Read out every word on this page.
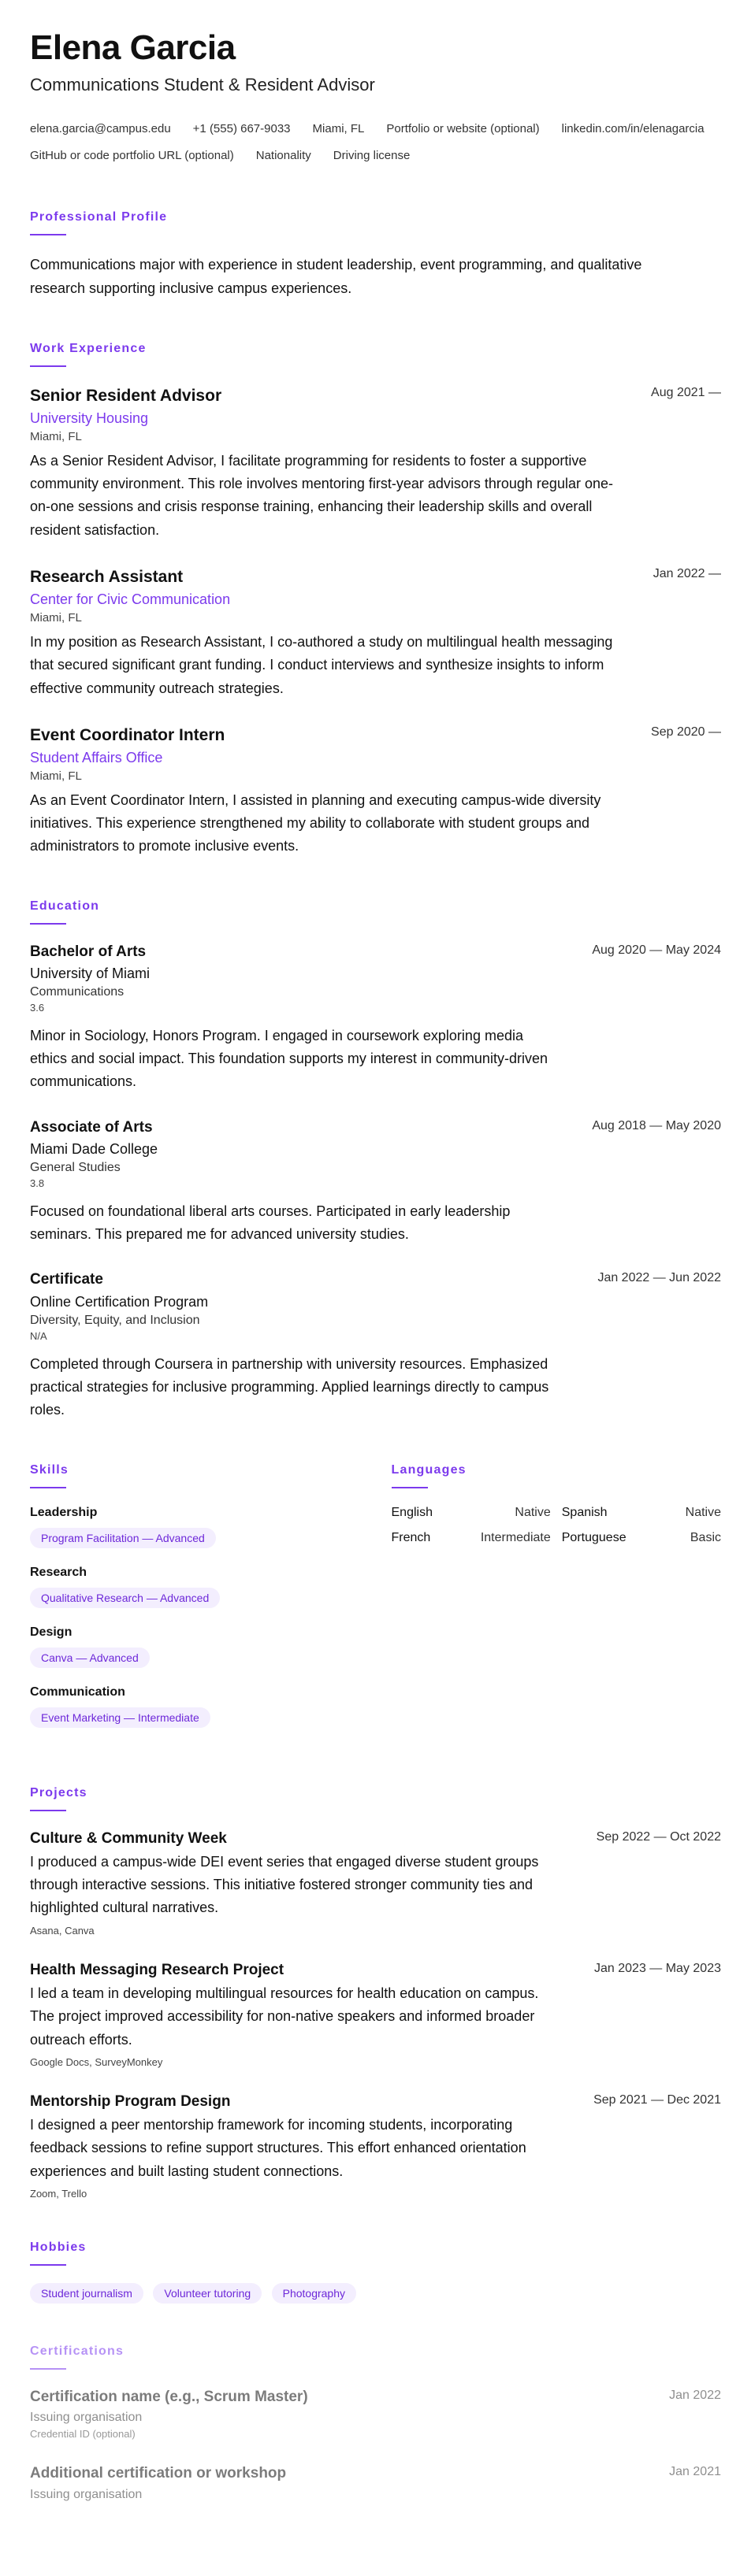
Elena Garcia
Communications Student & Resident Advisor
elena.garcia@campus.edu +1 (555) 667-9033 Miami, FL Portfolio or website (optional) linkedin.com/in/elenagarcia
GitHub or code portfolio URL (optional) Nationality Driving license
Professional Profile

Communications major with experience in student leadership, event programming, and qualitative research supporting inclusive campus experiences.

Work Experience
Aug 2021 —
Senior Resident Advisor
University Housing
Miami, FL

As a Senior Resident Advisor, I facilitate programming for residents to foster a supportive community environment. This role involves mentoring first-year advisors through regular one-on-one sessions and crisis response training, enhancing their leadership skills and overall resident satisfaction.

Jan 2022 —
Research Assistant
Center for Civic Communication
Miami, FL

In my position as Research Assistant, I co-authored a study on multilingual health messaging that secured significant grant funding. I conduct interviews and synthesize insights to inform effective community outreach strategies.

Sep 2020 —
Event Coordinator Intern
Student Affairs Office
Miami, FL

As an Event Coordinator Intern, I assisted in planning and executing campus-wide diversity initiatives. This experience strengthened my ability to collaborate with student groups and administrators to promote inclusive events.

Education
Aug 2020 — May 2024
Bachelor of Arts
University of Miami
Communications
3.6

Minor in Sociology, Honors Program. I engaged in coursework exploring media ethics and social impact. This foundation supports my interest in community-driven communications.

Aug 2018 — May 2020
Associate of Arts
Miami Dade College
General Studies
3.8

Focused on foundational liberal arts courses. Participated in early leadership seminars. This prepared me for advanced university studies.

Jan 2022 — Jun 2022
Certificate
Online Certification Program
Diversity, Equity, and Inclusion
N/A

Completed through Coursera in partnership with university resources. Emphasized practical strategies for inclusive programming. Applied learnings directly to campus roles.

Skills
Leadership
Program Facilitation — Advanced
Research
Qualitative Research — Advanced
Design
Canva — Advanced
Communication
Event Marketing — Intermediate
Languages
English	Native Spanish	Native
French	Intermediate Portuguese	Basic
Projects
Sep 2022 — Oct 2022
Culture & Community Week

I produced a campus-wide DEI event series that engaged diverse student groups through interactive sessions. This initiative fostered stronger community ties and highlighted cultural narratives.

Asana, Canva

Jan 2023 — May 2023
Health Messaging Research Project

I led a team in developing multilingual resources for health education on campus. The project improved accessibility for non-native speakers and informed broader outreach efforts.

Google Docs, SurveyMonkey

Sep 2021 — Dec 2021
Mentorship Program Design

I designed a peer mentorship framework for incoming students, incorporating feedback sessions to refine support structures. This effort enhanced orientation experiences and built lasting student connections.

Zoom, Trello

Hobbies
Student journalism	Volunteer tutoring	Photography
Certifications
Jan 2022
Certification name (e.g., Scrum Master)
Issuing organisation
Credential ID (optional)
Jan 2021
Additional certification or workshop
Issuing organisation
